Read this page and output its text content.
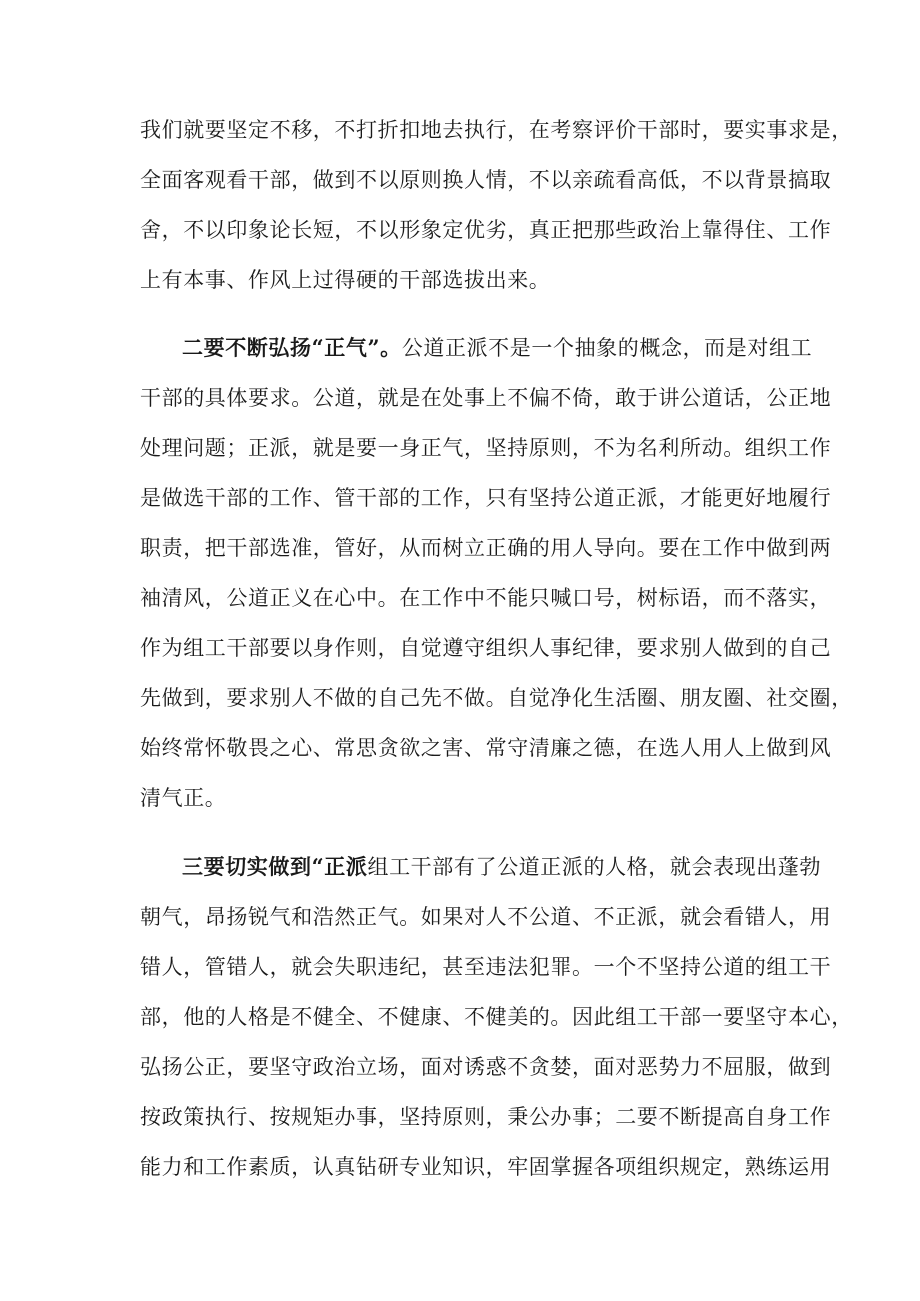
我们就要坚定不移，不打折扣地去执行，在考察评价干部时，要实事求是，
全面客观看干部，做到不以原则换人情，不以亲疏看高低，不以背景搞取
舍，不以印象论长短，不以形象定优劣，真正把那些政治上靠得住、工作
上有本事、作风上过得硬的干部选拔出来。
二要不断弘扬“正气”。公道正派不是一个抽象的概念，而是对组工
干部的具体要求。公道，就是在处事上不偏不倚，敢于讲公道话，公正地
处理问题；正派，就是要一身正气，坚持原则，不为名利所动。组织工作
是做选干部的工作、管干部的工作，只有坚持公道正派，才能更好地履行
职责，把干部选准，管好，从而树立正确的用人导向。要在工作中做到两
袖清风，公道正义在心中。在工作中不能只喊口号，树标语，而不落实，
作为组工干部要以身作则，自觉遵守组织人事纪律，要求别人做到的自己
先做到，要求别人不做的自己先不做。自觉净化生活圈、朋友圈、社交圈，
始终常怀敬畏之心、常思贪欲之害、常守清廉之德，在选人用人上做到风
清气正。
三要切实做到“正派组工干部有了公道正派的人格，就会表现出蓬勃
朝气，昂扬锐气和浩然正气。如果对人不公道、不正派，就会看错人，用
错人，管错人，就会失职违纪，甚至违法犯罪。一个不坚持公道的组工干
部，他的人格是不健全、不健康、不健美的。因此组工干部一要坚守本心，
弘扬公正，要坚守政治立场，面对诱惑不贪婪，面对恶势力不屈服，做到
按政策执行、按规矩办事，坚持原则，秉公办事；二要不断提高自身工作
能力和工作素质，认真钻研专业知识，牢固掌握各项组织规定，熟练运用
